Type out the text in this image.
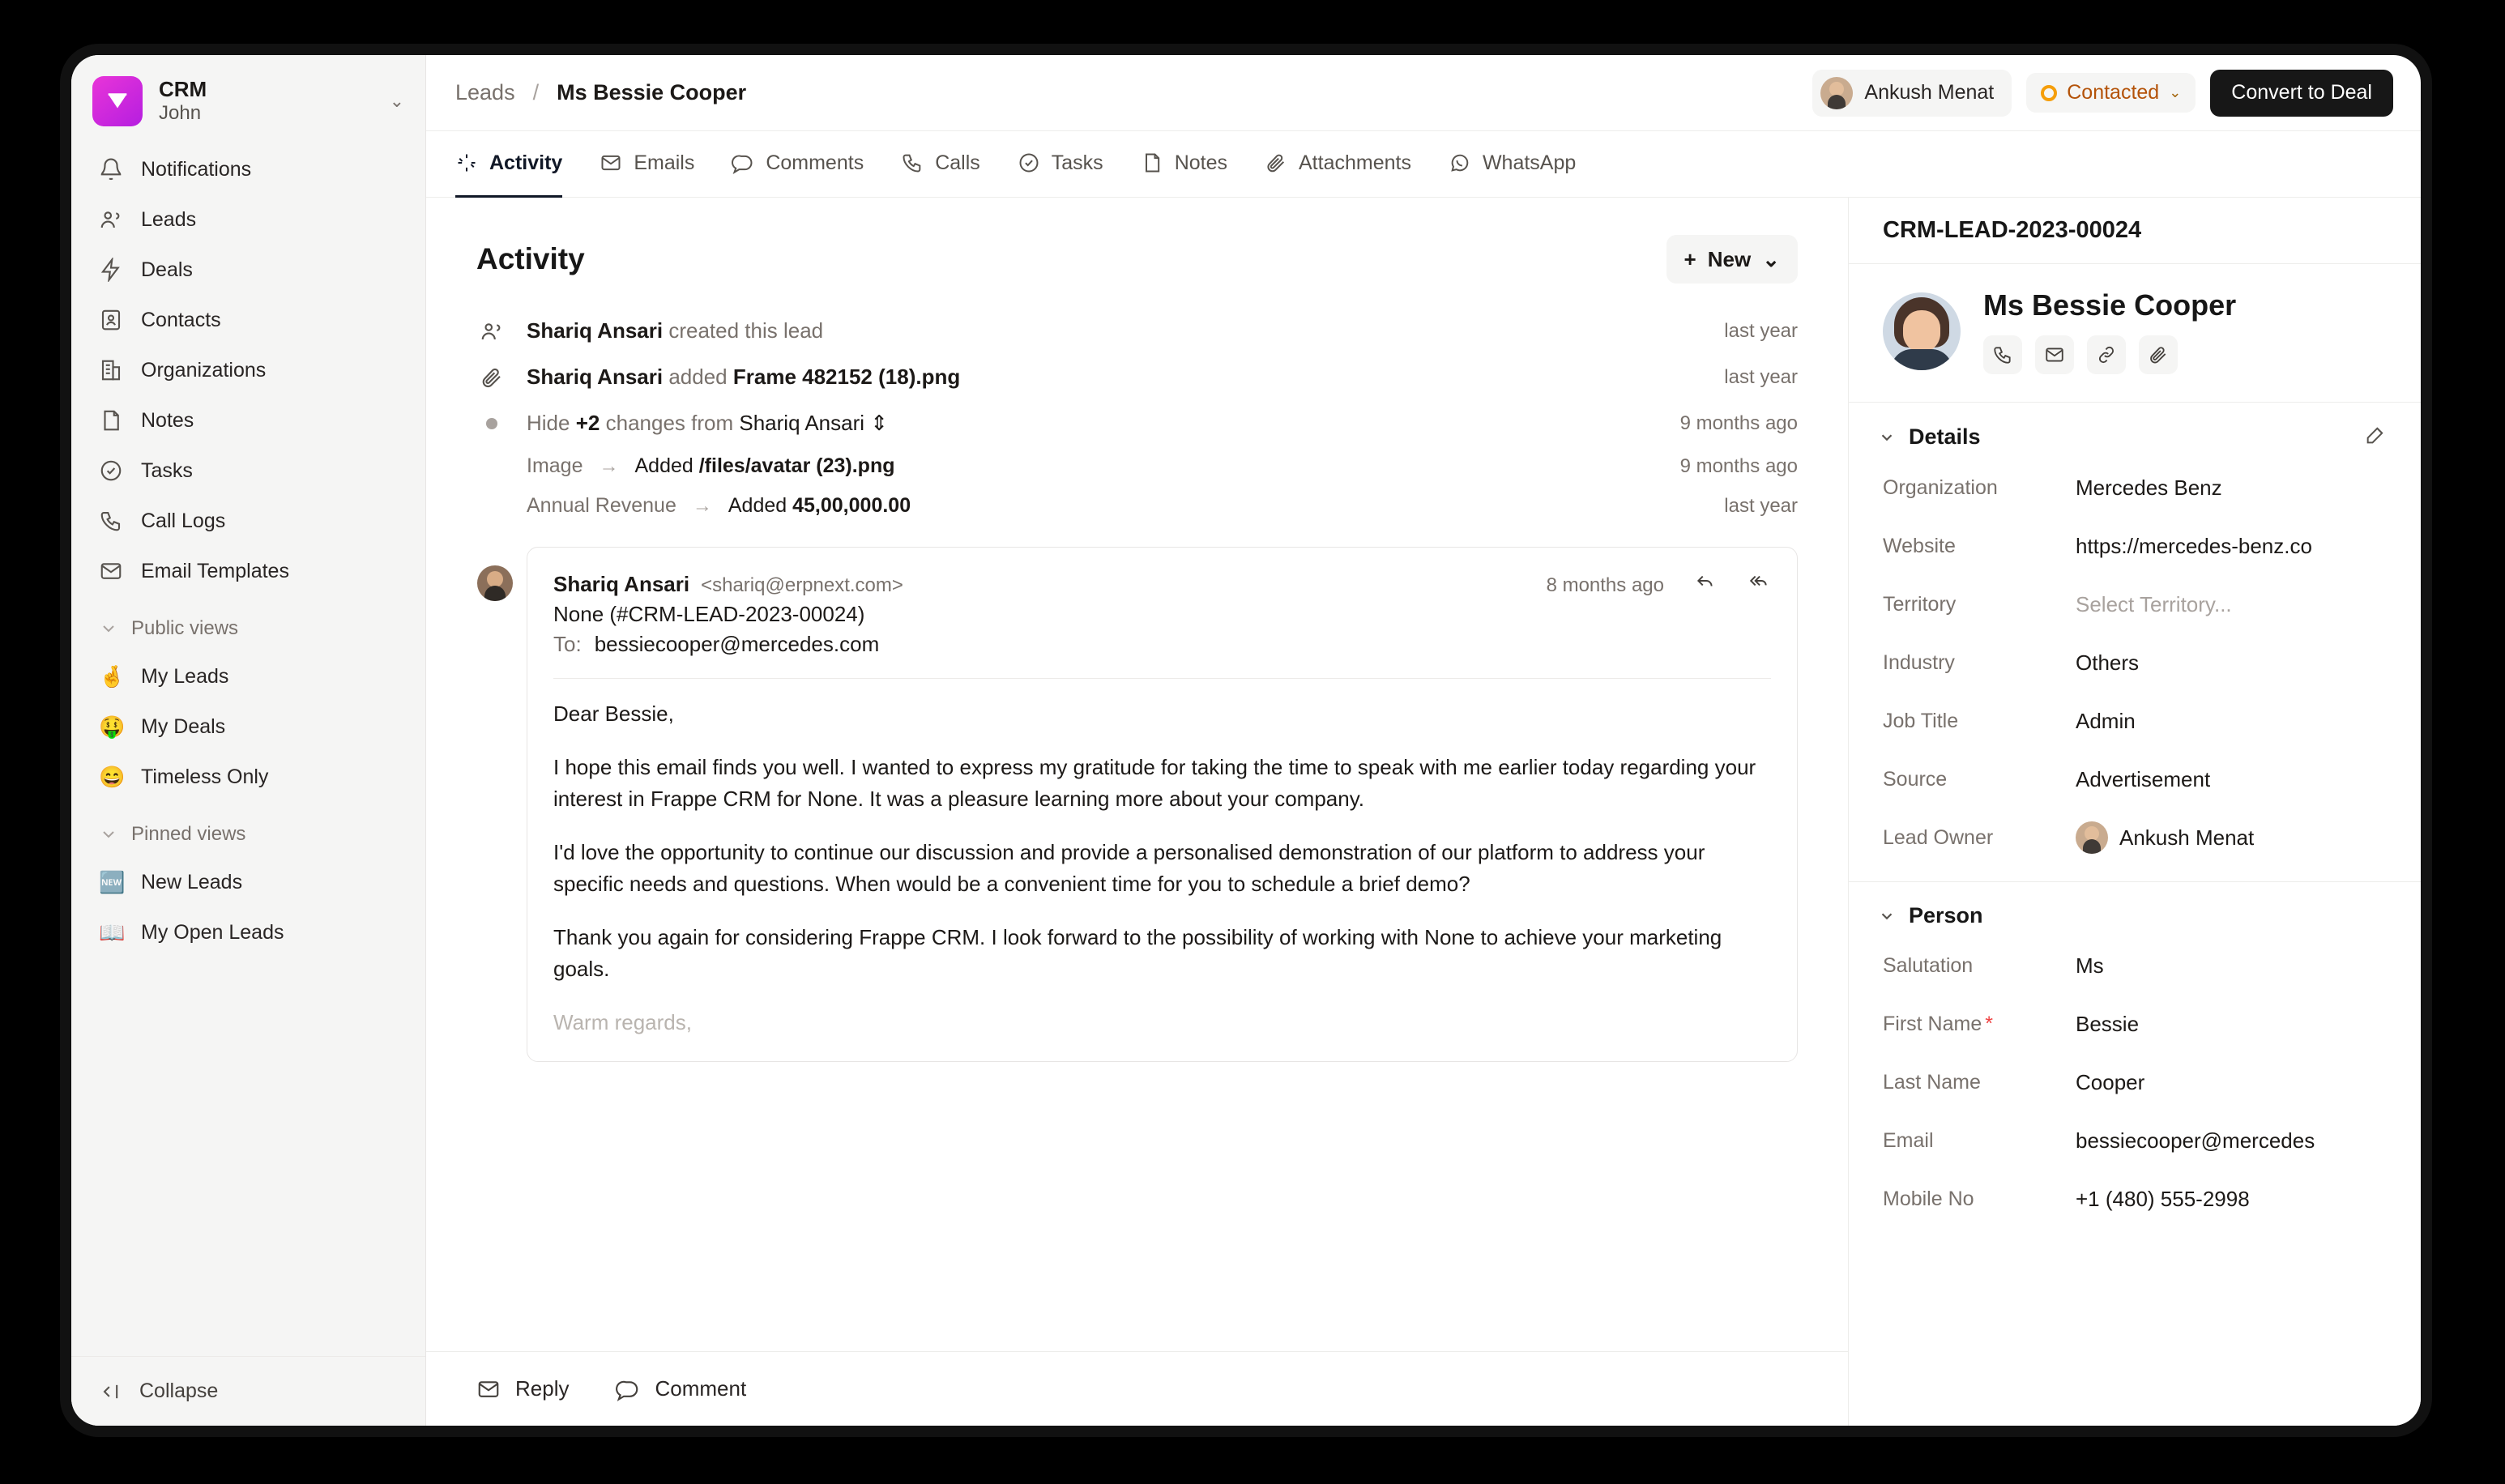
CRM
John
⌄
Notifications
Leads
Deals
Contacts
Organizations
Notes
Tasks
Call Logs
Email Templates
Public views
🤞 My Leads
🤑 My Deals
😄 Timeless Only
Pinned views
🆕 New Leads
📖 My Open Leads
Collapse
Leads / Ms Bessie Cooper	Ankush Menat	Contacted ⌄	Convert to Deal
Activity	Emails	Comments	Calls	Tasks	Notes	Attachments	WhatsApp
Activity	+ New ⌄
Shariq Ansari created this lead	last year
Shariq Ansari added Frame 482152 (18).png	last year
Hide +2 changes from Shariq Ansari ⇕	9 months ago
Image → Added /files/avatar (23).png	9 months ago
Annual Revenue → Added 45,00,000.00	last year
Shariq Ansari <shariq@erpnext.com>	8 months ago
None (#CRM-LEAD-2023-00024)
To: bessiecooper@mercedes.com

Dear Bessie,

I hope this email finds you well. I wanted to express my gratitude for taking the time to speak with me earlier today regarding your interest in Frappe CRM for None. It was a pleasure learning more about your company.

I'd love the opportunity to continue our discussion and provide a personalised demonstration of our platform to address your specific needs and questions. When would be a convenient time for you to schedule a brief demo?

Thank you again for considering Frappe CRM. I look forward to the possibility of working with None to achieve your marketing goals.

Warm regards,

Reply	Comment
CRM-LEAD-2023-00024
Ms Bessie Cooper
Details
Organization	Mercedes Benz
Website	https://mercedes-benz.co
Territory	Select Territory...
Industry	Others
Job Title	Admin
Source	Advertisement
Lead Owner	Ankush Menat
Person
Salutation	Ms
First Name *	Bessie
Last Name	Cooper
Email	bessiecooper@mercedes
Mobile No	+1 (480) 555-2998
